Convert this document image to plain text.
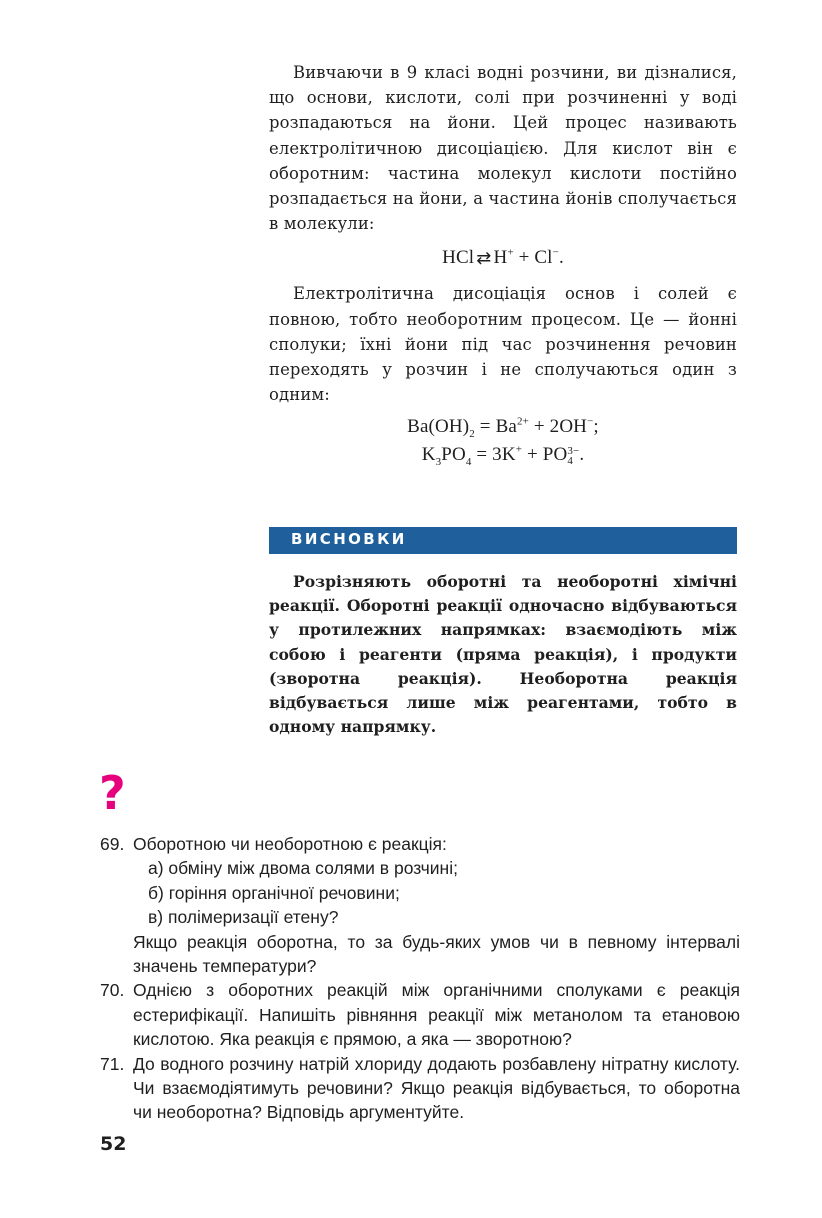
Вивчаючи в 9 класі водні розчини, ви дізналися, що основи, кислоти, солі при розчиненні у воді розпадаються на йони. Цей процес називають електролітичною дисоціацією. Для кислот він є оборотним: частина молекул кислоти постійно розпадається на йони, а частина йонів сполучається в молекули:

HCl ⇄ H+ + Cl−.

Електролітична дисоціація основ і солей є повною, тобто необоротним процесом. Це — йонні сполуки; їхні йони під час розчинення речовин переходять у розчин і не сполучаються один з одним:

$Ba(OH)_2 = Ba^{2+} + 2OH^-$;
$K_3PO_4 = 3K^+$ + PO 3−
4 .
ВИСНОВКИ

Розрізняють оборотні та необоротні хімічні реакції. Оборотні реакції одночасно відбуваються у протилежних напрямках: взаємодіють між собою і реагенти (пряма реакція), і продукти (зворотна реакція). Необоротна реакція відбувається лише між реагентами, тобто в одному напрямку.

?
69. Оборотною чи необоротною є реакція:
а) обміну між двома солями в розчині;
б) горіння органічної речовини;
в) полімеризації етену?
Якщо реакція оборотна, то за будь-яких умов чи в певному інтервалі значень температури?
70. Однією з оборотних реакцій між органічними сполуками є реакція естерифікації. Напишіть рівняння реакції між метанолом та етановою кислотою. Яка реакція є прямою, а яка — зворотною?
71. До водного розчину натрій хлориду додають розбавлену нітратну кислоту. Чи взаємодіятимуть речовини? Якщо реакція відбувається, то оборотна чи необоротна? Відповідь аргументуйте.
52
